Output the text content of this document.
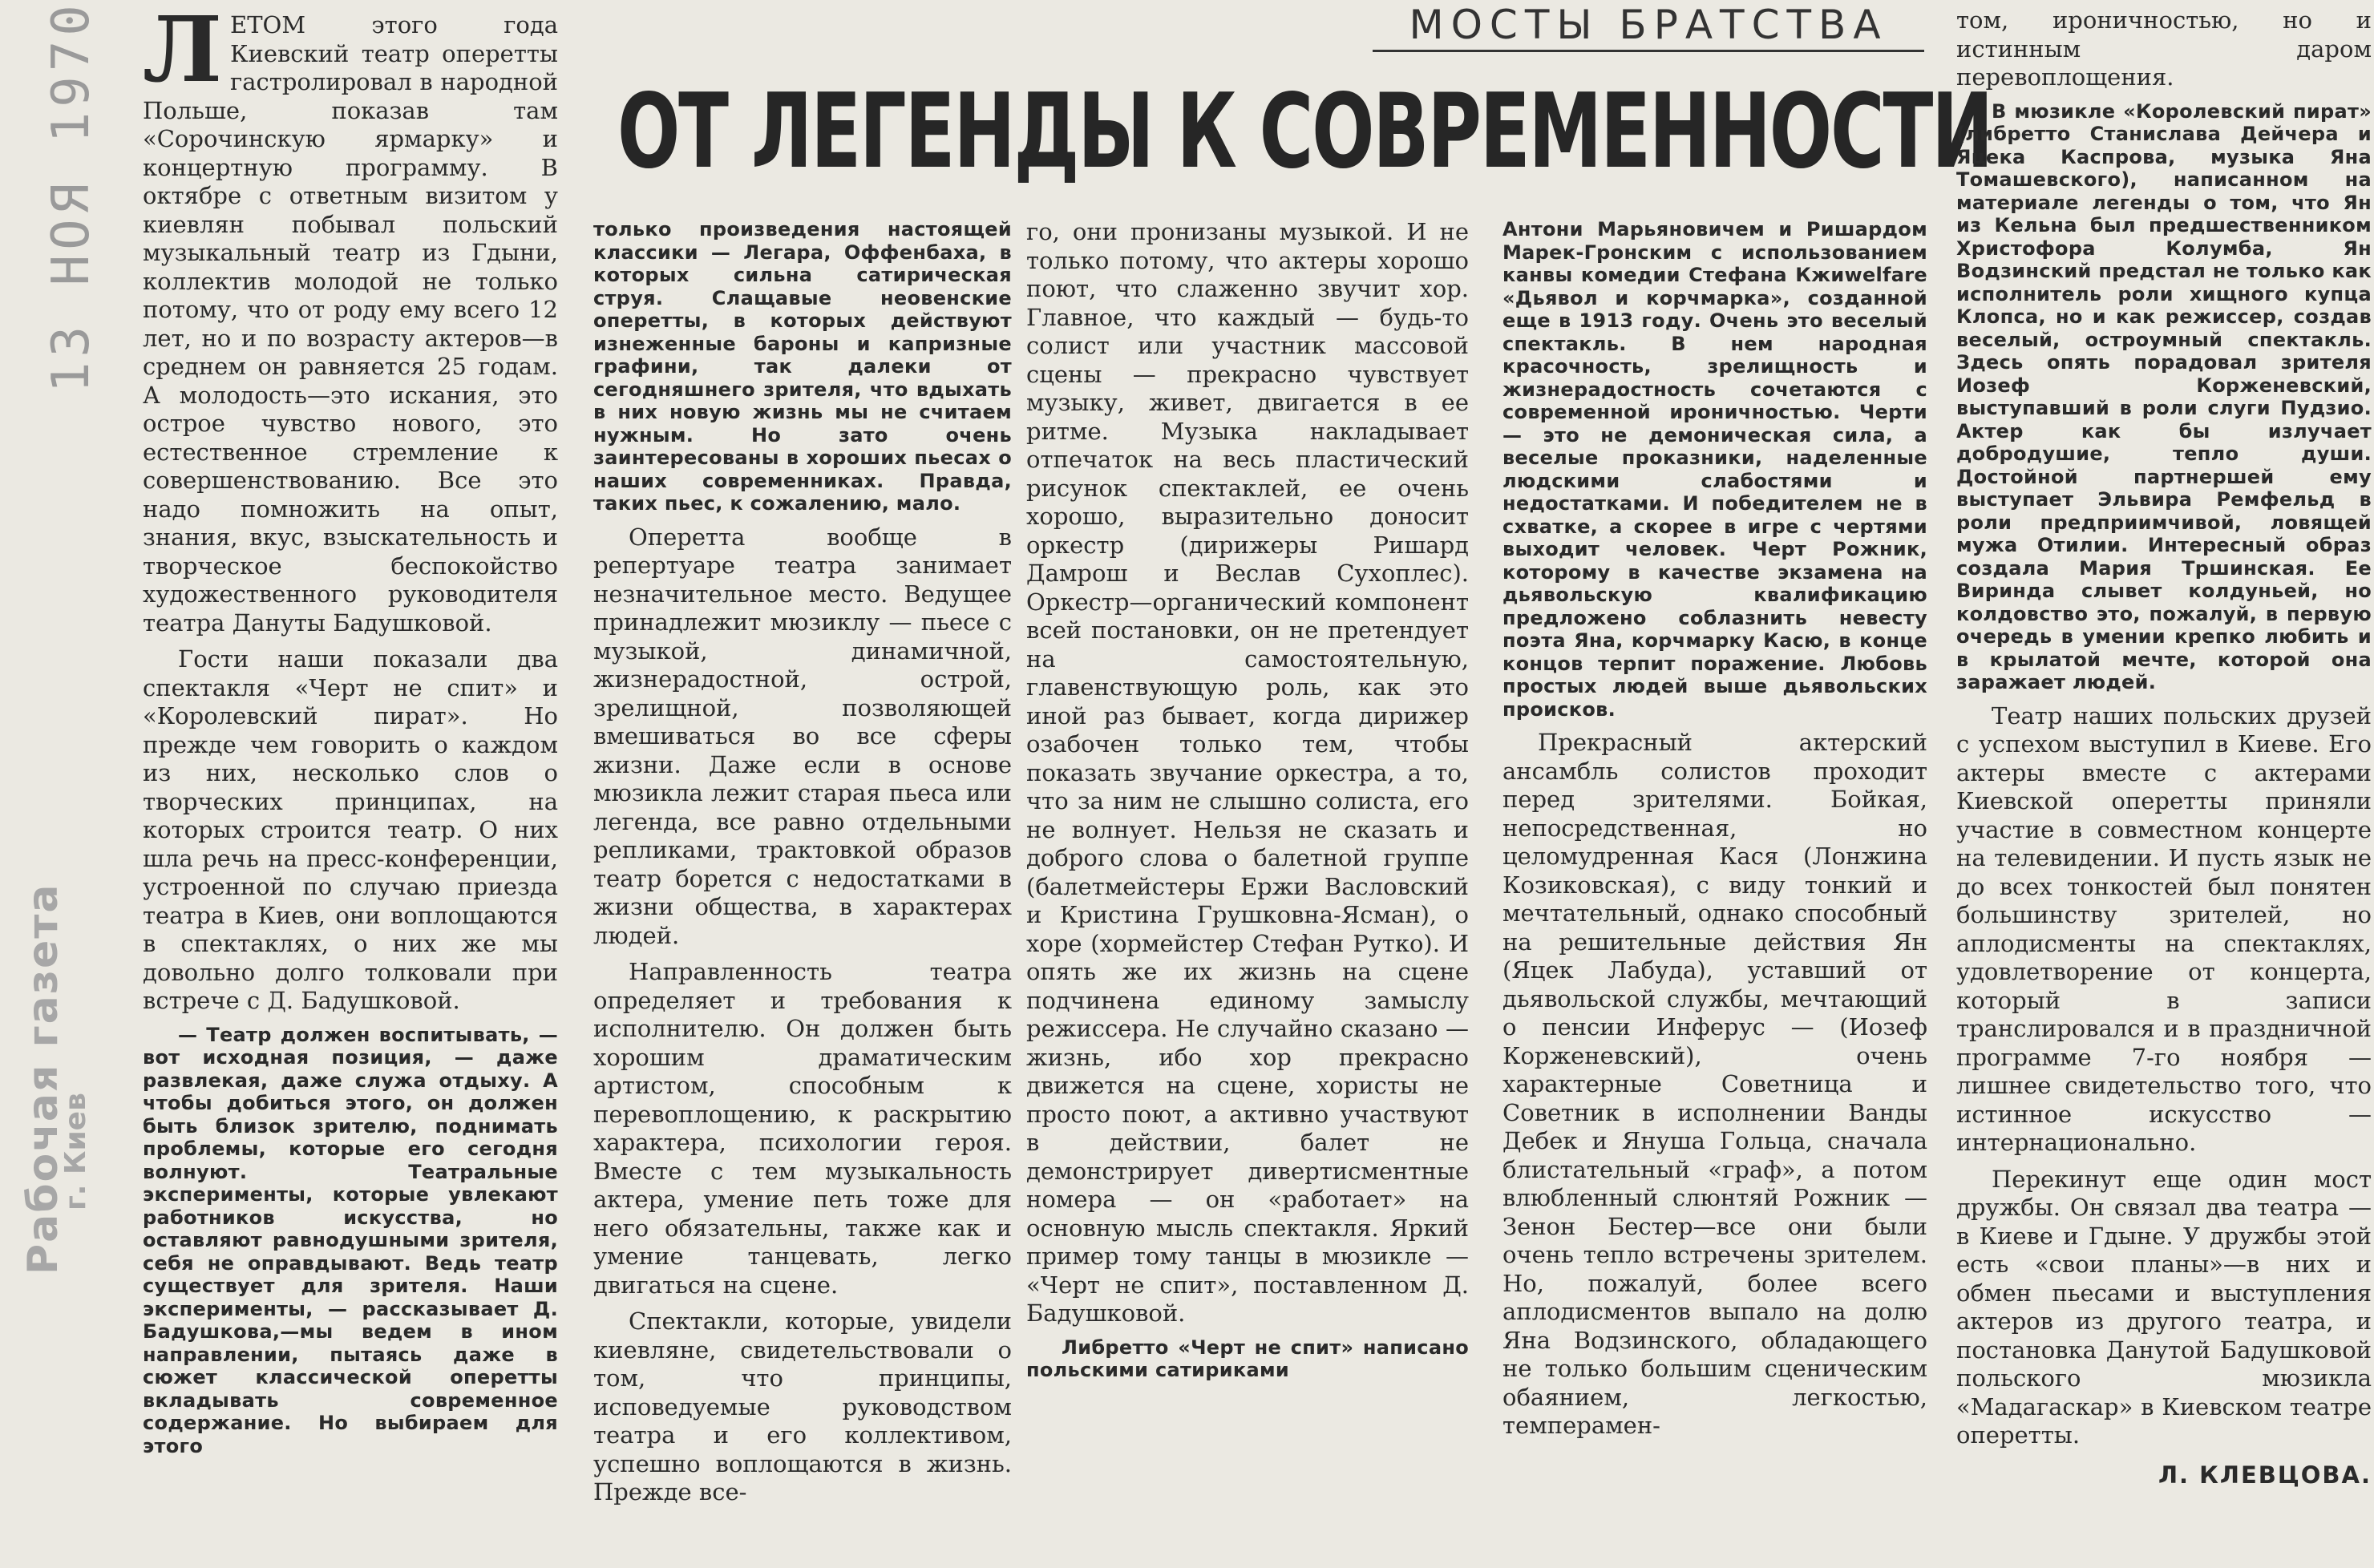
13 НОЯ 1970
Рабочая газета
г. Киев
МОСТЫ БРАТСТВА
ОТ ЛЕГЕНДЫ К СОВРЕМЕННОСТИ

ЛЕТОМ этого года Киевский театр оперетты гастролировал в народной Польше, показав там «Сорочинскую ярмарку» и концертную программу. В октябре с ответным визитом у киевлян побывал польский музыкальный театр из Гдыни, коллектив молодой не только потому, что от роду ему всего 12 лет, но и по возрасту актеров—в среднем он равняется 25 годам. А молодость—это искания, это острое чувство нового, это естественное стремление к совершенствованию. Все это надо помножить на опыт, знания, вкус, взыскательность и творческое беспокойство художественного руководителя театра Дануты Бадушковой.

Гости наши показали два спектакля «Черт не спит» и «Королевский пират». Но прежде чем говорить о каждом из них, несколько слов о творческих принципах, на которых строится театр. О них шла речь на пресс-конференции, устроенной по случаю приезда театра в Киев, они воплощаются в спектаклях, о них же мы довольно долго толковали при встрече с Д. Бадушковой.

— Театр должен воспитывать, — вот исходная позиция, — даже развлекая, даже служа отдыху. А чтобы добиться этого, он должен быть близок зрителю, поднимать проблемы, которые его сегодня волнуют. Театральные эксперименты, которые увлекают работников искусства, но оставляют равнодушными зрителя, себя не оправдывают. Ведь театр существует для зрителя. Наши эксперименты, — рассказывает Д. Бадушкова,—мы ведем в ином направлении, пытаясь даже в сюжет классической оперетты вкладывать современное содержание. Но выбираем для этого

только произведения настоящей классики — Легара, Оффенбаха, в которых сильна сатирическая струя. Слащавые неовенские оперетты, в которых действуют изнеженные бароны и капризные графини, так далеки от сегодняшнего зрителя, что вдыхать в них новую жизнь мы не считаем нужным. Но зато очень заинтересованы в хороших пьесах о наших современниках. Правда, таких пьес, к сожалению, мало.

Оперетта вообще в репертуаре театра занимает незначительное место. Ведущее принадлежит мюзиклу — пьесе с музыкой, динамичной, жизнерадостной, острой, зрелищной, позволяющей вмешиваться во все сферы жизни. Даже если в основе мюзикла лежит старая пьеса или легенда, все равно отдельными репликами, трактовкой образов театр борется с недостатками в жизни общества, в характерах людей.

Направленность театра определяет и требования к исполнителю. Он должен быть хорошим драматическим артистом, способным к перевоплощению, к раскрытию характера, психологии героя. Вместе с тем музыкальность актера, умение петь тоже для него обязательны, также как и умение танцевать, легко двигаться на сцене.

Спектакли, которые, увидели киевляне, свидетельствовали о том, что принципы, исповедуемые руководством театра и его коллективом, успешно воплощаются в жизнь. Прежде все-

го, они пронизаны музыкой. И не только потому, что актеры хорошо поют, что слаженно звучит хор. Главное, что каждый — будь-то солист или участник массовой сцены — прекрасно чувствует музыку, живет, двигается в ее ритме. Музыка накладывает отпечаток на весь пластический рисунок спектаклей, ее очень хорошо, выразительно доносит оркестр (дирижеры Ришард Дамрош и Веслав Сухоплес). Оркестр—органический компонент всей постановки, он не претендует на самостоятельную, главенствующую роль, как это иной раз бывает, когда дирижер озабочен только тем, чтобы показать звучание оркестра, а то, что за ним не слышно солиста, его не волнует. Нельзя не сказать и доброго слова о балетной группе (балетмейстеры Ержи Васловский и Кристина Грушковна-Ясман), о хоре (хормейстер Стефан Рутко). И опять же их жизнь на сцене подчинена единому замыслу режиссера. Не случайно сказано — жизнь, ибо хор прекрасно движется на сцене, хористы не просто поют, а активно участвуют в действии, балет не демонстрирует дивертисментные номера — он «работает» на основную мысль спектакля. Яркий пример тому танцы в мюзикле — «Черт не спит», поставленном Д. Бадушковой.

Либретто «Черт не спит» написано польскими сатириками

Антони Марьяновичем и Ришардом Марек-Гронским с использованием канвы комедии Стефана Кжиwelfare «Дьявол и корчмарка», созданной еще в 1913 году. Очень это веселый спектакль. В нем народная красочность, зрелищность и жизнерадостность сочетаются с современной ироничностью. Черти — это не демоническая сила, а веселые проказники, наделенные людскими слабостями и недостатками. И победителем не в схватке, а скорее в игре с чертями выходит человек. Черт Рожник, которому в качестве экзамена на дьявольскую квалификацию предложено соблазнить невесту поэта Яна, корчмарку Касю, в конце концов терпит поражение. Любовь простых людей выше дьявольских происков.

Прекрасный актерский ансамбль солистов проходит перед зрителями. Бойкая, непосредственная, но целомудренная Кася (Лонжина Козиковская), с виду тонкий и мечтательный, однако способный на решительные действия Ян (Яцек Лабуда), уставший от дьявольской службы, мечтающий о пенсии Инферус — (Иозеф Корженевский), очень характерные Советница и Советник в исполнении Ванды Дебек и Януша Гольца, сначала блистательный «граф», а потом влюбленный слюнтяй Рожник — Зенон Бестер—все они были очень тепло встречены зрителем. Но, пожалуй, более всего аплодисментов выпало на долю Яна Водзинского, обладающего не только большим сценическим обаянием, легкостью, темперамен-

том, ироничностью, но и истинным даром перевоплощения.

В мюзикле «Королевский пират» (либретто Станислава Дейчера и Яцека Каспрова, музыка Яна Томашевского), написанном на материале легенды о том, что Ян из Кельна был предшественником Христофора Колумба, Ян Водзинский предстал не только как исполнитель роли хищного купца Клопса, но и как режиссер, создав веселый, остроумный спектакль. Здесь опять порадовал зрителя Иозеф Корженевский, выступавший в роли слуги Пудзио. Актер как бы излучает добродушие, тепло души. Достойной партнершей ему выступает Эльвира Ремфельд в роли предприимчивой, ловящей мужа Отилии. Интересный образ создала Мария Тршинская. Ее Виринда слывет колдуньей, но колдовство это, пожалуй, в первую очередь в умении крепко любить и в крылатой мечте, которой она заражает людей.

Театр наших польских друзей с успехом выступил в Киеве. Его актеры вместе с актерами Киевской оперетты приняли участие в совместном концерте на телевидении. И пусть язык не до всех тонкостей был понятен большинству зрителей, но аплодисменты на спектаклях, удовлетворение от концерта, который в записи транслировался и в праздничной программе 7-го ноября — лишнее свидетельство того, что истинное искусство — интернационально.

Перекинут еще один мост дружбы. Он связал два театра — в Киеве и Гдыне. У дружбы этой есть «свои планы»—в них и обмен пьесами и выступления актеров из другого театра, и постановка Данутой Бадушковой польского мюзикла «Мадагаскар» в Киевском театре оперетты.

Л. КЛЕВЦОВА.
